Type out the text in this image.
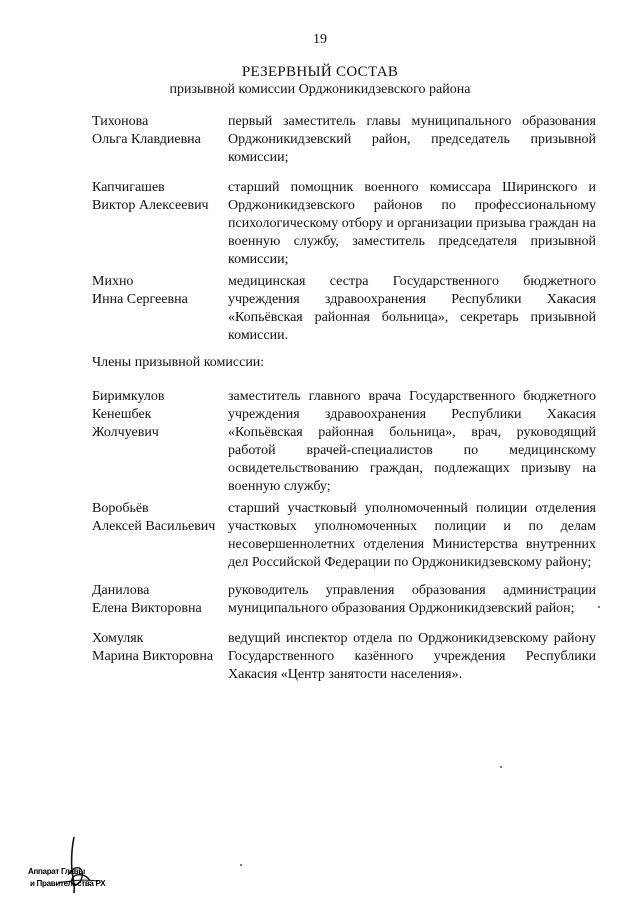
19
РЕЗЕРВНЫЙ СОСТАВ
призывной комиссии Орджоникидзевского района
Тихонова
Ольга Клавдиевна
первый заместитель главы муниципального образования Орджоникидзевский район, председатель призывной комиссии;
Капчигашев
Виктор Алексеевич
старший помощник военного комиссара Ширинского и Орджоникидзевского районов по профессиональному психологическому отбору и организации призыва граждан на военную службу, заместитель председателя призывной комиссии;
Михно
Инна Сергеевна
медицинская сестра Государственного бюджетного учреждения здравоохранения Республики Хакасия «Копьёвская районная больница», секретарь призывной комиссии.
Члены призывной комиссии:
Биримкулов
Кенешбек
Жолчуевич
заместитель главного врача Государственного бюджетного учреждения здравоохранения Республики Хакасия «Копьёвская районная больница», врач, руководящий работой врачей-специалистов по медицинскому освидетельствованию граждан, подлежащих призыву на военную службу;
Воробьёв
Алексей Васильевич
старший участковый уполномоченный полиции отделения участковых уполномоченных полиции и по делам несовершеннолетних отделения Министерства внутренних дел Российской Федерации по Орджоникидзевскому району;
Данилова
Елена Викторовна
руководитель управления образования администрации муниципального образования Орджоникидзевский район;
Хомуляк
Марина Викторовна
ведущий инспектор отдела по Орджоникидзевскому району Государственного казённого учреждения Республики Хакасия «Центр занятости населения».
Аппарат Главы
и Правительства РХ
